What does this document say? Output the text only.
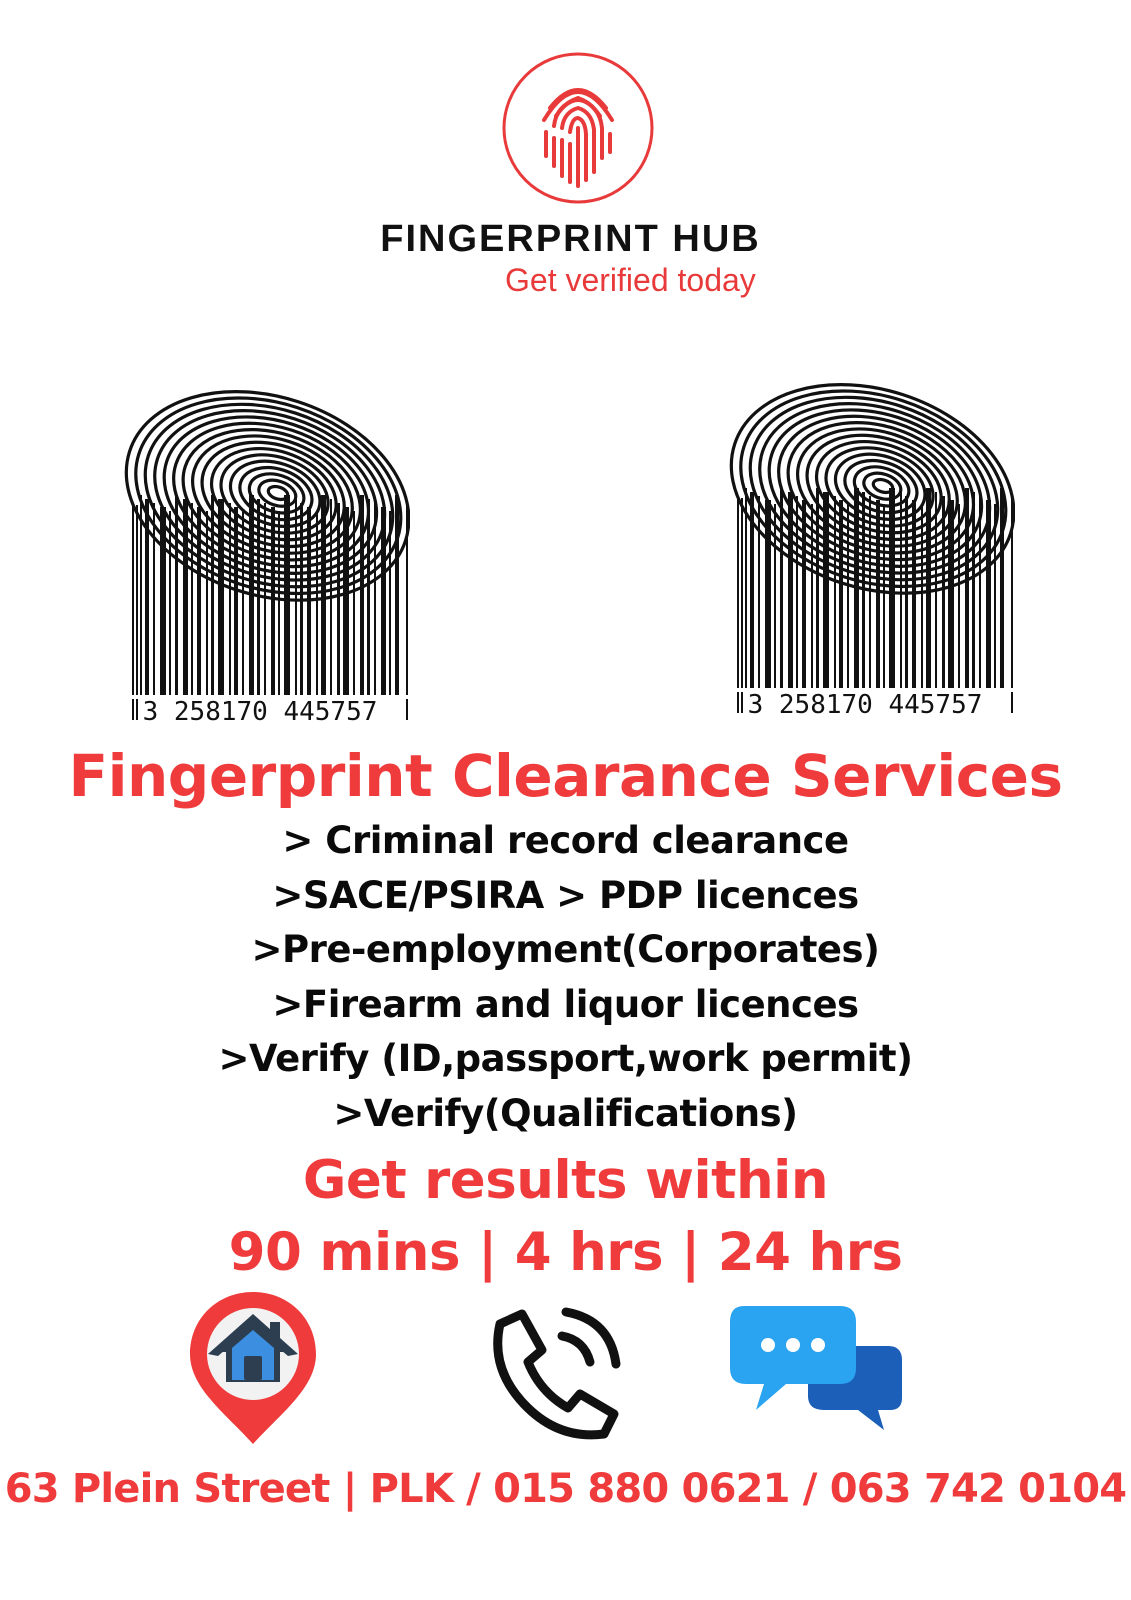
FINGERPRINT HUB
Get verified today
3 258170 445757	3 258170 445757
Fingerprint Clearance Services
> Criminal record clearance
>SACE/PSIRA > PDP licences
>Pre-employment(Corporates)
>Firearm and liquor licences
>Verify (ID,passport,work permit)
>Verify(Qualifications)
Get results within
90 mins | 4 hrs | 24 hrs
63 Plein Street | PLK / 015 880 0621 / 063 742 0104
